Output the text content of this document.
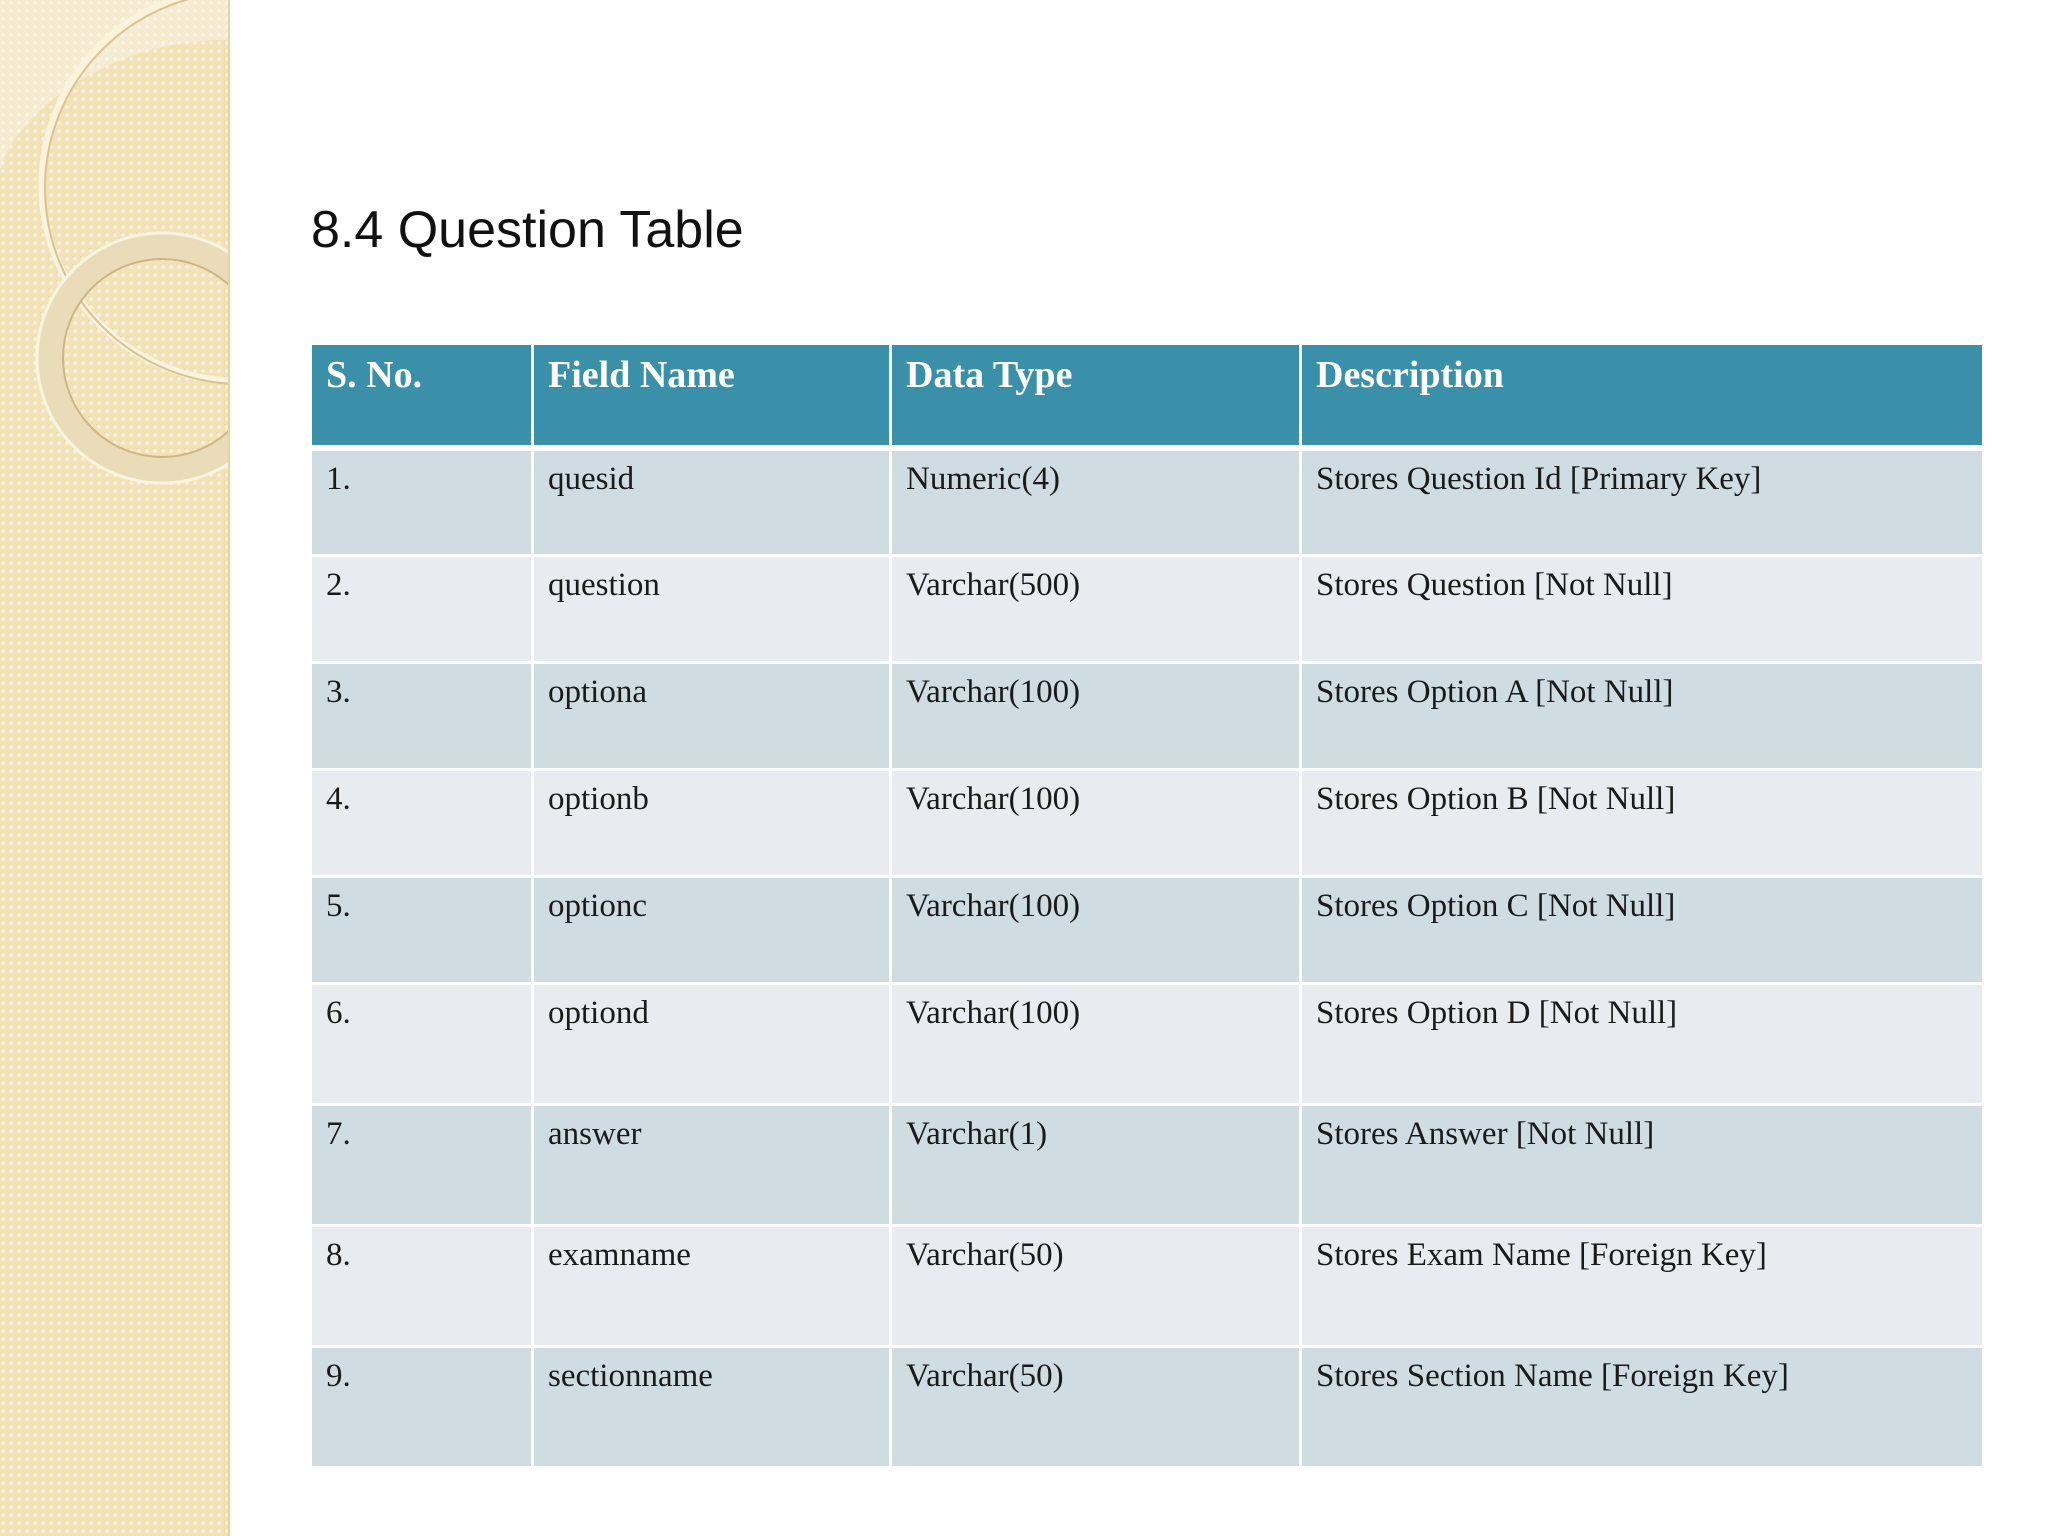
8.4 Question Table
S. No.	Field Name	Data Type	Description
1.	quesid	Numeric(4)	Stores Question Id [Primary Key]
2.	question	Varchar(500)	Stores Question [Not Null]
3.	optiona	Varchar(100)	Stores Option A [Not Null]
4.	optionb	Varchar(100)	Stores Option B [Not Null]
5.	optionc	Varchar(100)	Stores Option C [Not Null]
6.	optiond	Varchar(100)	Stores Option D [Not Null]
7.	answer	Varchar(1)	Stores Answer [Not Null]
8.	examname	Varchar(50)	Stores Exam Name [Foreign Key]
9.	sectionname	Varchar(50)	Stores Section Name [Foreign Key]
